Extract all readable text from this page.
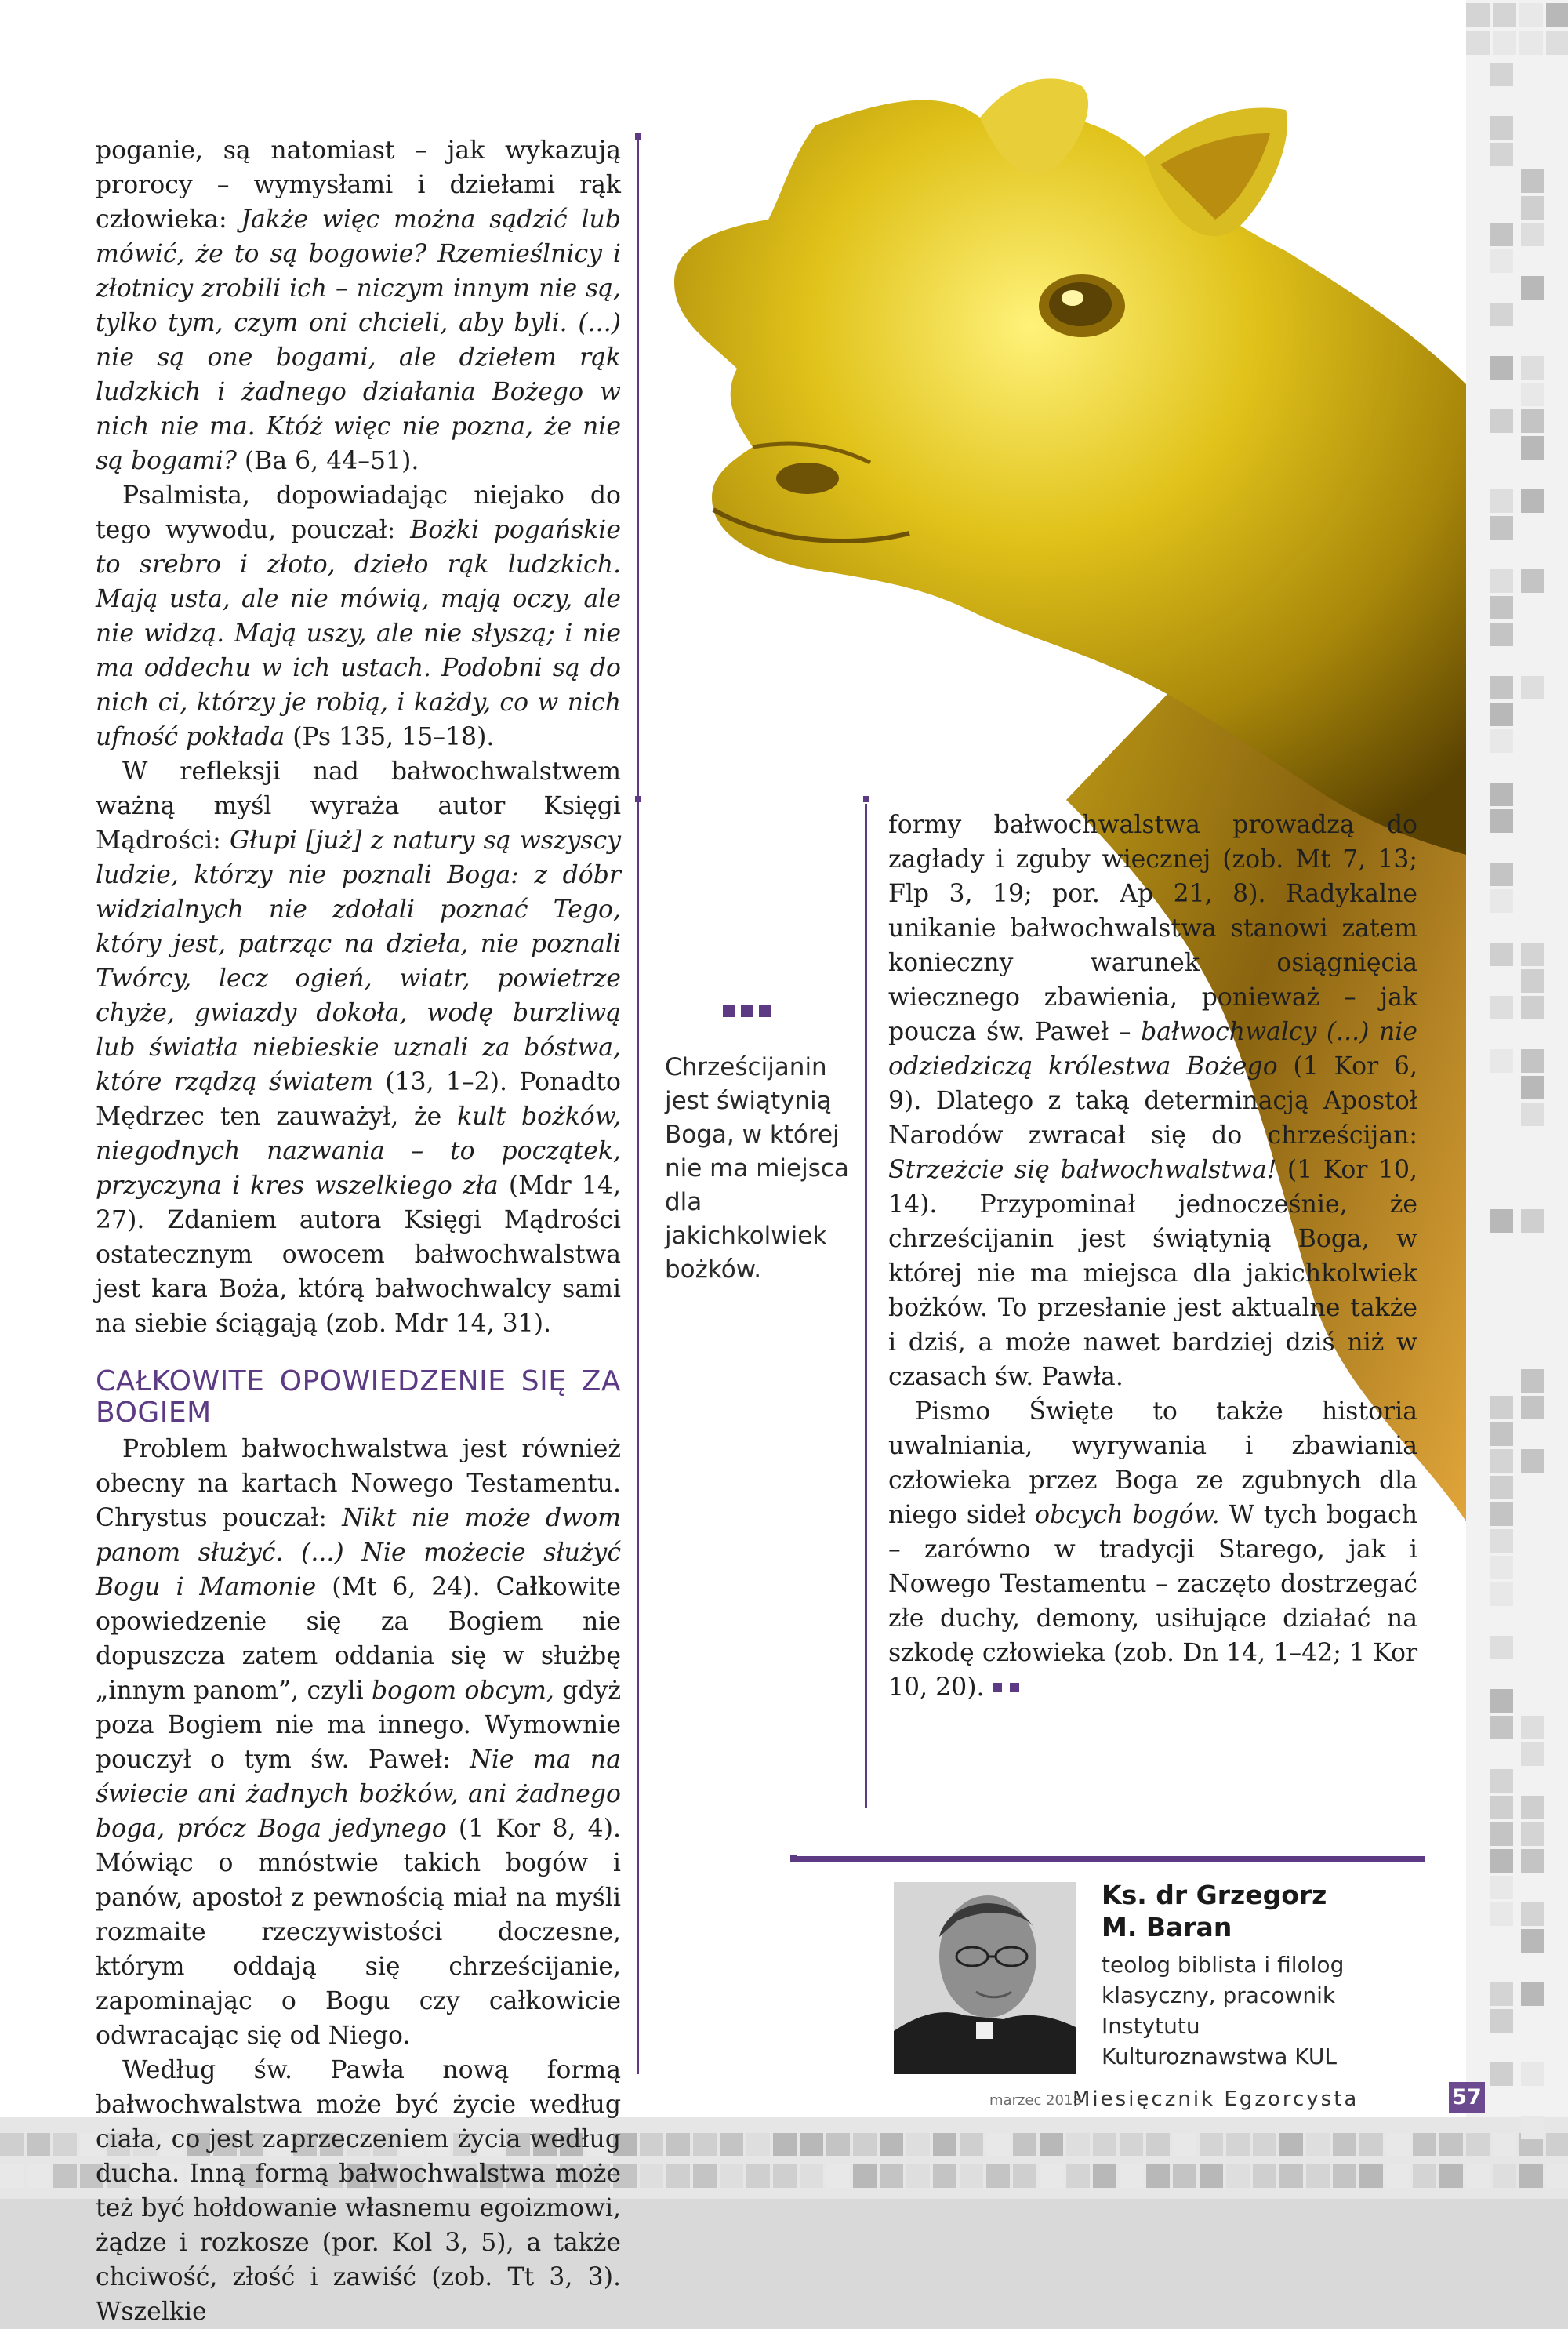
poganie, są natomiast – jak wykazują prorocy – wymysłami i dziełami rąk człowieka: Jakże więc można sądzić lub mówić, że to są bogowie? Rzemieślnicy i złotnicy zrobili ich – niczym innym nie są, tylko tym, czym oni chcieli, aby byli. (...) nie są one bogami, ale dziełem rąk ludzkich i żadnego działania Bożego w nich nie ma. Któż więc nie pozna, że nie są bogami? (Ba 6, 44–51).

Psalmista, dopowiadając niejako do tego wywodu, pouczał: Bożki pogańskie to srebro i złoto, dzieło rąk ludzkich. Mają usta, ale nie mówią, mają oczy, ale nie widzą. Mają uszy, ale nie słyszą; i nie ma oddechu w ich ustach. Podobni są do nich ci, którzy je robią, i każdy, co w nich ufność pokłada (Ps 135, 15–18).

W refleksji nad bałwochwalstwem ważną myśl wyraża autor Księgi Mądrości: Głupi [już] z natury są wszyscy ludzie, którzy nie poznali Boga: z dóbr widzialnych nie zdołali poznać Tego, który jest, patrząc na dzieła, nie poznali Twórcy, lecz ogień, wiatr, powietrze chyże, gwiazdy dokoła, wodę burzliwą lub światła niebieskie uznali za bóstwa, które rządzą światem (13, 1–2). Ponadto Mędrzec ten zauważył, że kult bożków, niegodnych nazwania – to początek, przyczyna i kres wszelkiego zła (Mdr 14, 27). Zdaniem autora Księgi Mądrości ostatecznym owocem bałwochwalstwa jest kara Boża, którą bałwochwalcy sami na siebie ściągają (zob. Mdr 14, 31).

CAŁKOWITE OPOWIEDZENIE SIĘ ZA BOGIEM

Problem bałwochwalstwa jest również obecny na kartach Nowego Testamentu. Chrystus pouczał: Nikt nie może dwom panom służyć. (...) Nie możecie służyć Bogu i Mamonie (Mt 6, 24). Całkowite opowiedzenie się za Bogiem nie dopuszcza zatem oddania się w służbę „innym panom”, czyli bogom obcym, gdyż poza Bogiem nie ma innego. Wymownie pouczył o tym św. Paweł: Nie ma na świecie ani żadnych bożków, ani żadnego boga, prócz Boga jedynego (1 Kor 8, 4). Mówiąc o mnóstwie takich bogów i panów, apostoł z pewnością miał na myśli rozmaite rzeczywistości doczesne, którym oddają się chrześcijanie, zapominając o Bogu czy całkowicie odwracając się od Niego.

Według św. Pawła nową formą bałwochwalstwa może być życie według ciała, co jest zaprzeczeniem życia według ducha. Inną formą bałwochwalstwa może też być hołdowanie własnemu egoizmowi, żądze i rozkosze (por. Kol 3, 5), a także chciwość, złość i zawiść (zob. Tt 3, 3). Wszelkie

Chrześcijanin jest świątynią Boga, w której nie ma miejsca dla jakichkolwiek bożków.

formy bałwochwalstwa prowadzą do zagłady i zguby wiecznej (zob. Mt 7, 13; Flp 3, 19; por. Ap 21, 8). Radykalne unikanie bałwochwalstwa stanowi zatem konieczny warunek osiągnięcia wiecznego zbawienia, ponieważ – jak poucza św. Paweł – bałwochwalcy (...) nie odziedziczą królestwa Bożego (1 Kor 6, 9). Dlatego z taką determinacją Apostoł Narodów zwracał się do chrześcijan: Strzeżcie się bałwochwalstwa! (1 Kor 10, 14). Przypominał jednocześnie, że chrześcijanin jest świątynią Boga, w której nie ma miejsca dla jakichkolwiek bożków. To przesłanie jest aktualne także i dziś, a może nawet bardziej dziś niż w czasach św. Pawła.

Pismo Święte to także historia uwalniania, wyrywania i zbawiania człowieka przez Boga ze zgubnych dla niego sideł obcych bogów. W tych bogach – zarówno w tradycji Starego, jak i Nowego Testamentu – zaczęto dostrzegać złe duchy, demony, usiłujące działać na szkodę człowieka (zob. Dn 14, 1–42; 1 Kor 10, 20).

Ks. dr Grzegorz M. Baran
teolog biblista i filolog klasyczny, pracownik Instytutu Kulturoznawstwa KUL
marzec 2018
Miesięcznik Egzorcysta	57
